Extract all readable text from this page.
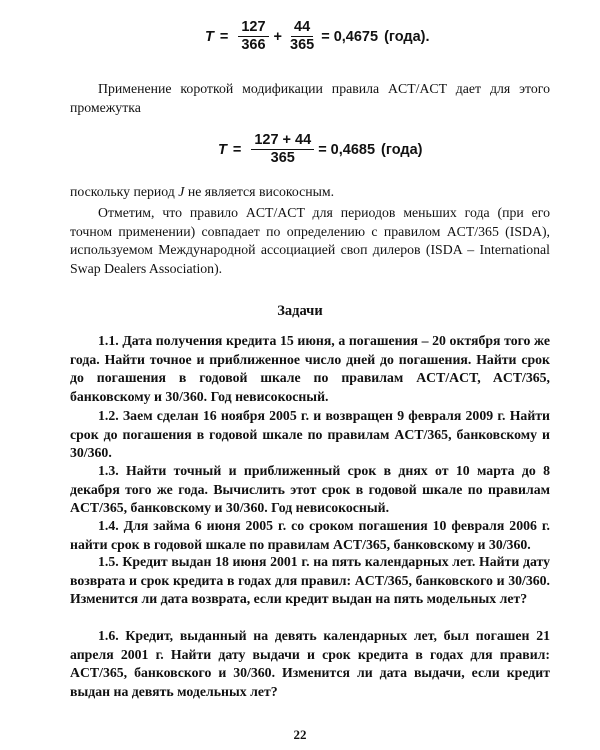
$T = \frac{127}{366} + \frac{44}{365} = 0,4675$ (года).

Применение короткой модификации правила ACT/ACT дает для этого промежутка

$T = \frac{127 + 44}{365} = 0,4685$ (года)

поскольку период J не является високосным.

Отметим, что правило ACT/ACT для периодов меньших года (при его точном применении) совпадает по определению с правилом ACT/365 (ISDA), используемом Международной ассоциацией своп дилеров (ISDA – International Swap Dealers Association).

Задачи

1.1. Дата получения кредита 15 июня, а погашения – 20 октября того же года. Найти точное и приближенное число дней до погашения. Найти срок до погашения в годовой шкале по правилам ACT/ACT, ACT/365, банковскому и 30/360. Год невисокосный.

1.2. Заем сделан 16 ноября 2005 г. и возвращен 9 февраля 2009 г. Найти срок до погашения в годовой шкале по правилам ACT/365, банковскому и 30/360.

1.3. Найти точный и приближенный срок в днях от 10 марта до 8 декабря того же года. Вычислить этот срок в годовой шкале по правилам ACT/365, банковскому и 30/360. Год невисокосный.

1.4. Для займа 6 июня 2005 г. со сроком погашения 10 февраля 2006 г. найти срок в годовой шкале по правилам ACT/365, банковскому и 30/360.

1.5. Кредит выдан 18 июня 2001 г. на пять календарных лет. Найти дату возврата и срок кредита в годах для правил: ACT/365, банковского и 30/360. Изменится ли дата возврата, если кредит выдан на пять модельных лет?

1.6. Кредит, выданный на девять календарных лет, был погашен 21 апреля 2001 г. Найти дату выдачи и срок кредита в годах для правил: ACT/365, банковского и 30/360. Изменится ли дата выдачи, если кредит выдан на девять модельных лет?

22
